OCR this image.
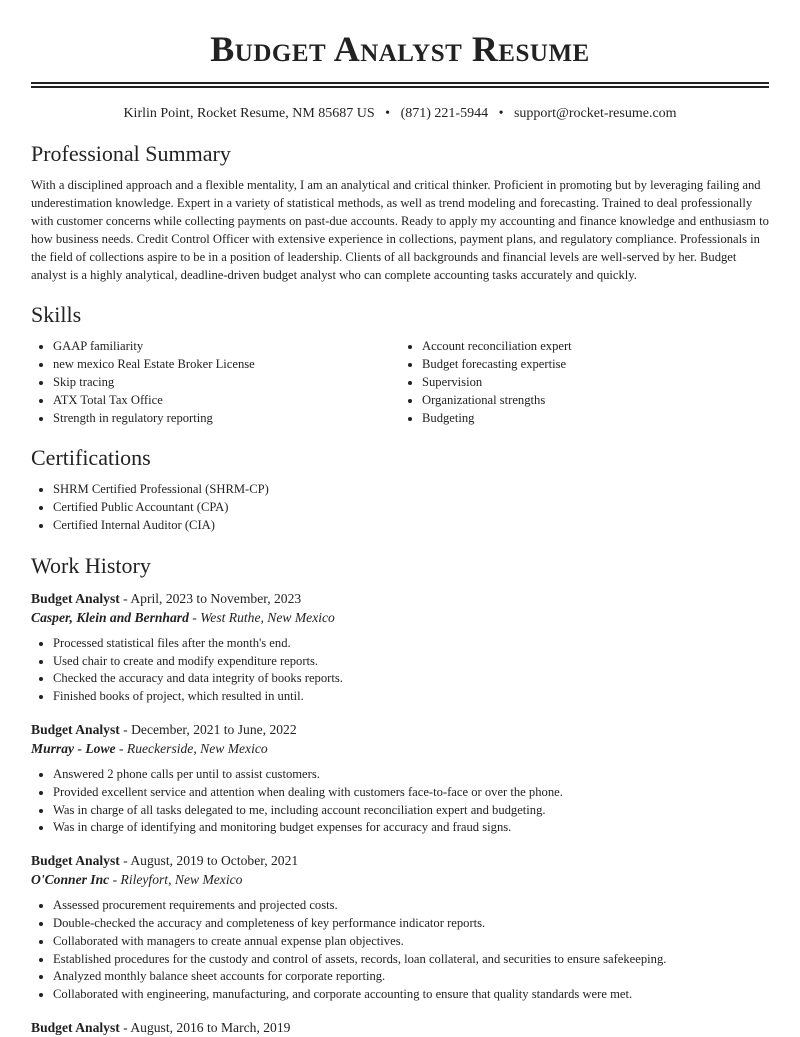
Budget Analyst Resume
Kirlin Point, Rocket Resume, NM 85687 US • (871) 221-5944 • support@rocket-resume.com
Professional Summary

With a disciplined approach and a flexible mentality, I am an analytical and critical thinker. Proficient in promoting but by leveraging failing and underestimation knowledge. Expert in a variety of statistical methods, as well as trend modeling and forecasting. Trained to deal professionally with customer concerns while collecting payments on past-due accounts. Ready to apply my accounting and finance knowledge and enthusiasm to how business needs. Credit Control Officer with extensive experience in collections, payment plans, and regulatory compliance. Professionals in the field of collections aspire to be in a position of leadership. Clients of all backgrounds and financial levels are well-served by her. Budget analyst is a highly analytical, deadline-driven budget analyst who can complete accounting tasks accurately and quickly.

Skills
• GAAP familiarity
• new mexico Real Estate Broker License
• Skip tracing
• ATX Total Tax Office
• Strength in regulatory reporting
• Account reconciliation expert
• Budget forecasting expertise
• Supervision
• Organizational strengths
• Budgeting
Certifications
• SHRM Certified Professional (SHRM-CP)
• Certified Public Accountant (CPA)
• Certified Internal Auditor (CIA)
Work History
Budget Analyst - April, 2023 to November, 2023
Casper, Klein and Bernhard - West Ruthe, New Mexico
• Processed statistical files after the month's end.
• Used chair to create and modify expenditure reports.
• Checked the accuracy and data integrity of books reports.
• Finished books of project, which resulted in until.
Budget Analyst - December, 2021 to June, 2022
Murray - Lowe - Rueckerside, New Mexico
• Answered 2 phone calls per until to assist customers.
• Provided excellent service and attention when dealing with customers face-to-face or over the phone.
• Was in charge of all tasks delegated to me, including account reconciliation expert and budgeting.
• Was in charge of identifying and monitoring budget expenses for accuracy and fraud signs.
Budget Analyst - August, 2019 to October, 2021
O'Conner Inc - Rileyfort, New Mexico
• Assessed procurement requirements and projected costs.
• Double-checked the accuracy and completeness of key performance indicator reports.
• Collaborated with managers to create annual expense plan objectives.
• Established procedures for the custody and control of assets, records, loan collateral, and securities to ensure safekeeping.
• Analyzed monthly balance sheet accounts for corporate reporting.
• Collaborated with engineering, manufacturing, and corporate accounting to ensure that quality standards were met.
Budget Analyst - August, 2016 to March, 2019
